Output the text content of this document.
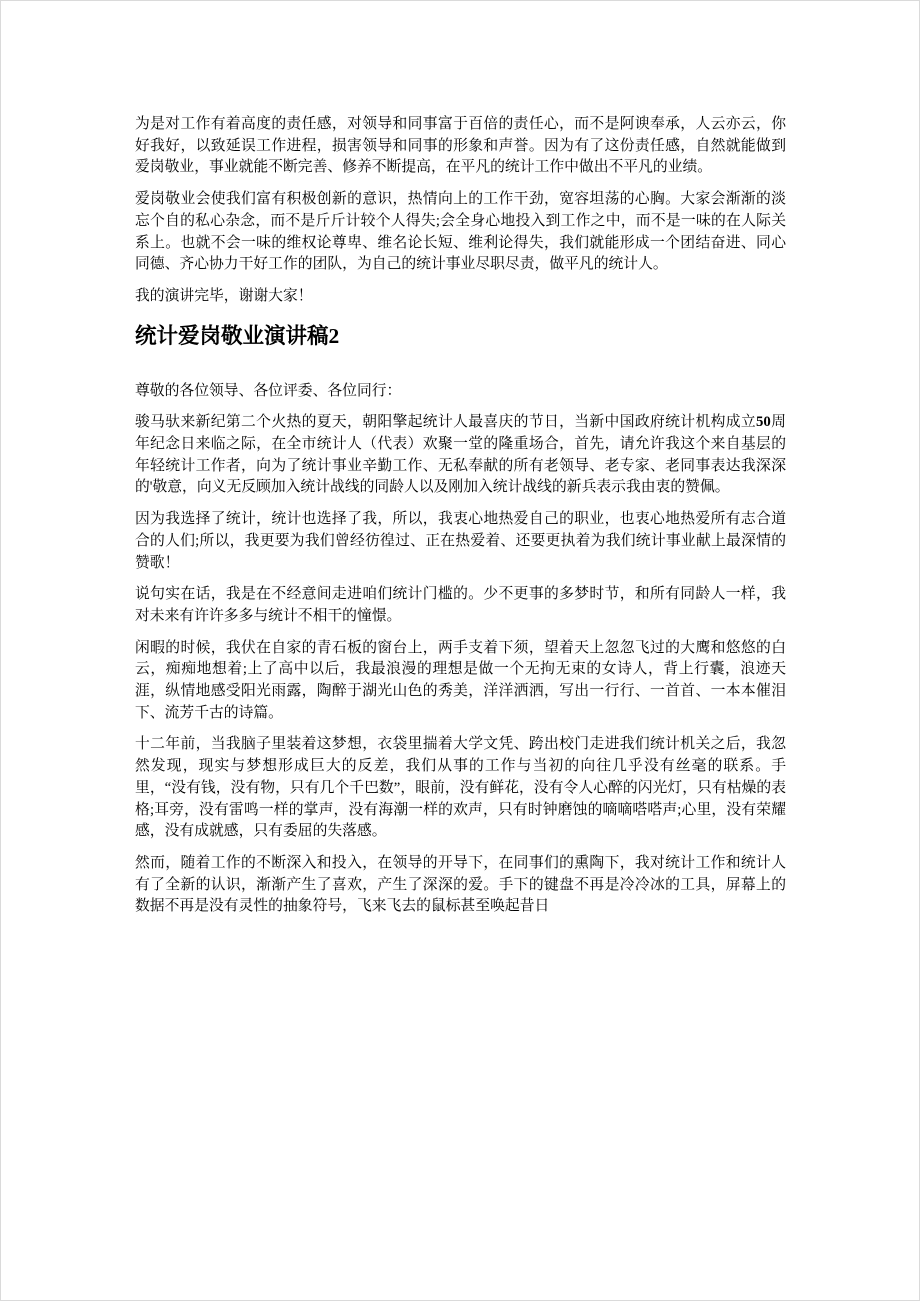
为是对工作有着高度的责任感，对领导和同事富于百倍的责任心，而不是阿谀奉承，人云亦云，你好我好，以致延误工作进程，损害领导和同事的形象和声誉。因为有了这份责任感，自然就能做到爱岗敬业，事业就能不断完善、修养不断提高，在平凡的统计工作中做出不平凡的业绩。

爱岗敬业会使我们富有积极创新的意识，热情向上的工作干劲，宽容坦荡的心胸。大家会渐渐的淡忘个自的私心杂念，而不是斤斤计较个人得失;会全身心地投入到工作之中，而不是一味的在人际关系上。也就不会一味的维权论尊卑、维名论长短、维利论得失，我们就能形成一个团结奋进、同心同德、齐心协力干好工作的团队，为自己的统计事业尽职尽责，做平凡的统计人。

我的演讲完毕，谢谢大家！

统计爱岗敬业演讲稿2

尊敬的各位领导、各位评委、各位同行：

骏马驮来新纪第二个火热的夏天，朝阳擎起统计人最喜庆的节日，当新中国政府统计机构成立50周年纪念日来临之际，在全市统计人（代表）欢聚一堂的隆重场合，首先，请允许我这个来自基层的年轻统计工作者，向为了统计事业辛勤工作、无私奉献的所有老领导、老专家、老同事表达我深深的'敬意，向义无反顾加入统计战线的同龄人以及刚加入统计战线的新兵表示我由衷的赞佩。

因为我选择了统计，统计也选择了我，所以，我衷心地热爱自己的职业，也衷心地热爱所有志合道合的人们;所以，我更要为我们曾经彷徨过、正在热爱着、还要更执着为我们统计事业献上最深情的赞歌！

说句实在话，我是在不经意间走进咱们统计门槛的。少不更事的多梦时节，和所有同龄人一样，我对未来有许许多多与统计不相干的憧憬。

闲暇的时候，我伏在自家的青石板的窗台上，两手支着下须，望着天上忽忽飞过的大鹰和悠悠的白云，痴痴地想着;上了高中以后，我最浪漫的理想是做一个无拘无束的女诗人，背上行囊，浪迹天涯，纵情地感受阳光雨露，陶醉于湖光山色的秀美，洋洋洒洒，写出一行行、一首首、一本本催泪下、流芳千古的诗篇。

十二年前，当我脑子里装着这梦想，衣袋里揣着大学文凭、跨出校门走进我们统计机关之后，我忽然发现，现实与梦想形成巨大的反差，我们从事的工作与当初的向往几乎没有丝毫的联系。手里，“没有钱，没有物，只有几个千巴数”，眼前，没有鲜花，没有令人心醉的闪光灯，只有枯燥的表格;耳旁，没有雷鸣一样的掌声，没有海潮一样的欢声，只有时钟磨蚀的嘀嘀嗒嗒声;心里，没有荣耀感，没有成就感，只有委屈的失落感。

然而，随着工作的不断深入和投入，在领导的开导下，在同事们的熏陶下，我对统计工作和统计人有了全新的认识，渐渐产生了喜欢，产生了深深的爱。手下的键盘不再是冷冷冰的工具，屏幕上的数据不再是没有灵性的抽象符号，飞来飞去的鼠标甚至唤起昔日
